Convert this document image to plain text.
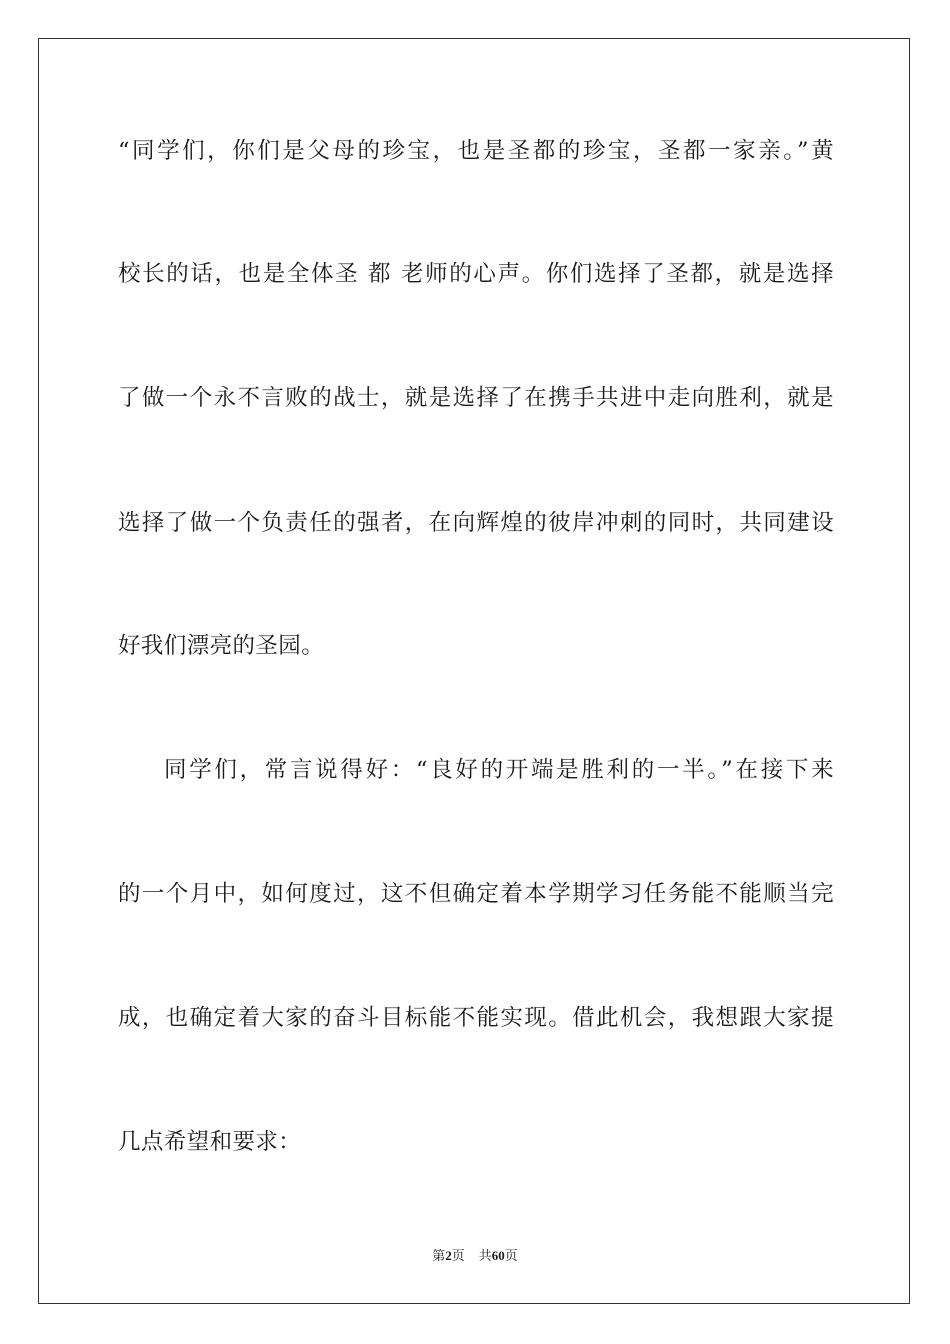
“同学们，你们是父母的珍宝，也是圣都的珍宝，圣都一家亲。”黄
校长的话，也是全体圣 都 老师的心声。你们选择了圣都，就是选择
了做一个永不言败的战士，就是选择了在携手共进中走向胜利，就是
选择了做一个负责任的强者，在向辉煌的彼岸冲刺的同时，共同建设
好我们漂亮的圣园。
同学们，常言说得好：“良好的开端是胜利的一半。”在接下来
的一个月中，如何度过，这不但确定着本学期学习任务能不能顺当完
成，也确定着大家的奋斗目标能不能实现。借此机会，我想跟大家提
几点希望和要求：
第2页 共60页
